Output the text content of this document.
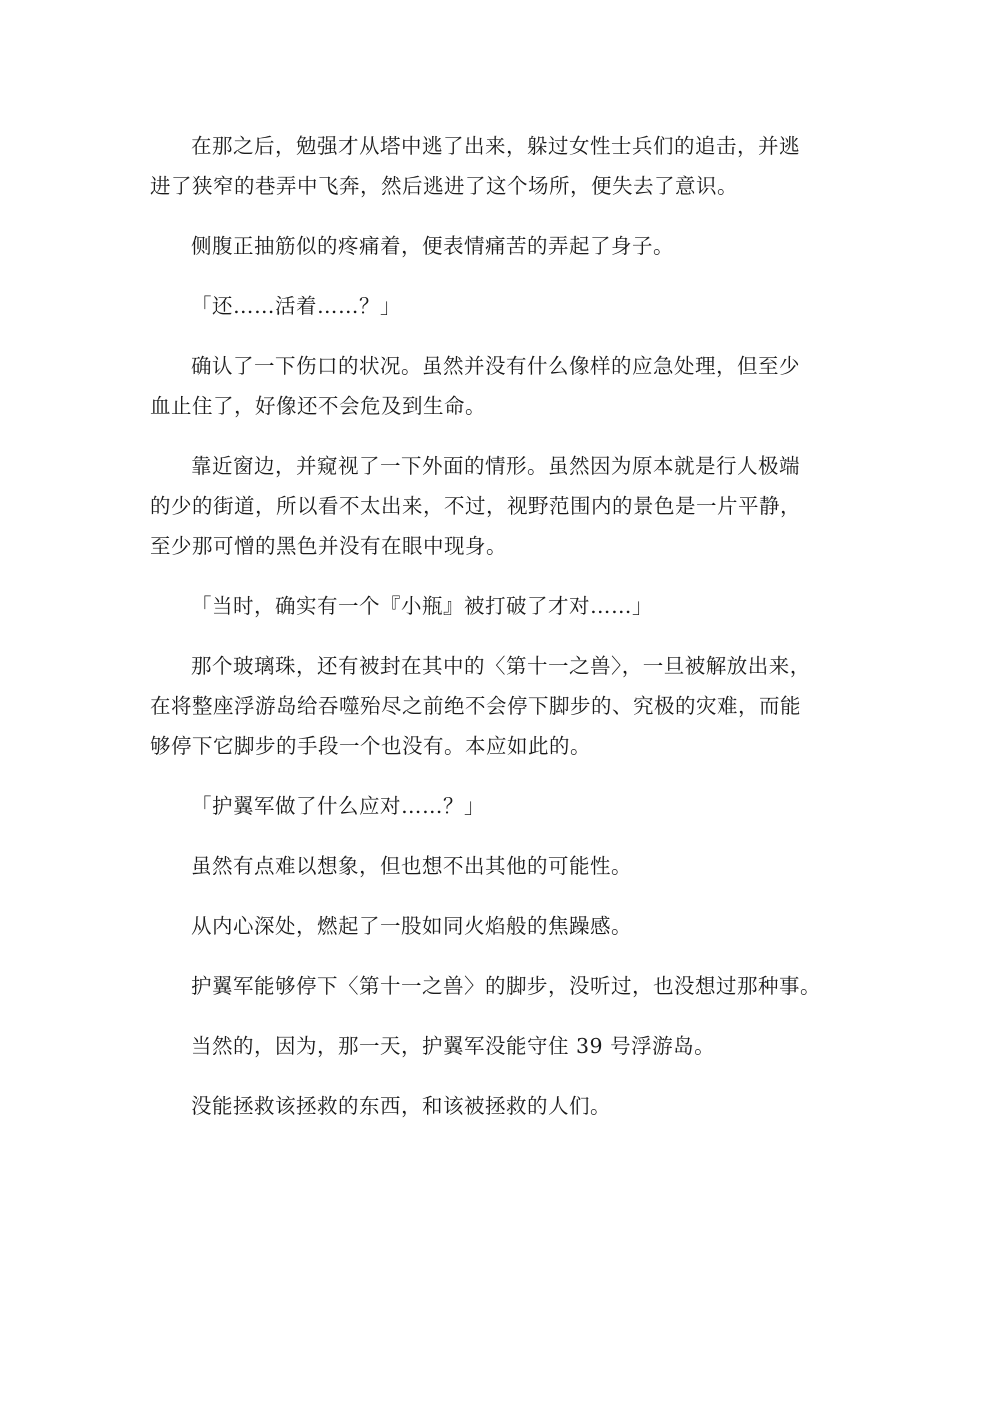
在那之后，勉强才从塔中逃了出来，躲过女性士兵们的追击，并逃
进了狭窄的巷弄中飞奔，然后逃进了这个场所，便失去了意识。

侧腹正抽筋似的疼痛着，便表情痛苦的弄起了身子。

「还……活着……？」

确认了一下伤口的状况。虽然并没有什么像样的应急处理，但至少
血止住了，好像还不会危及到生命。

靠近窗边，并窥视了一下外面的情形。虽然因为原本就是行人极端
的少的街道，所以看不太出来，不过，视野范围内的景色是一片平静，
至少那可憎的黑色并没有在眼中现身。

「当时，确实有一个『小瓶』被打破了才对……」

那个玻璃珠，还有被封在其中的〈第十一之兽〉，一旦被解放出来，
在将整座浮游岛给吞噬殆尽之前绝不会停下脚步的、究极的灾难，而能
够停下它脚步的手段一个也没有。本应如此的。

「护翼军做了什么应对……？」

虽然有点难以想象，但也想不出其他的可能性。

从内心深处，燃起了一股如同火焰般的焦躁感。

护翼军能够停下〈第十一之兽〉的脚步，没听过，也没想过那种事。

当然的，因为，那一天，护翼军没能守住 39 号浮游岛。

没能拯救该拯救的东西，和该被拯救的人们。
